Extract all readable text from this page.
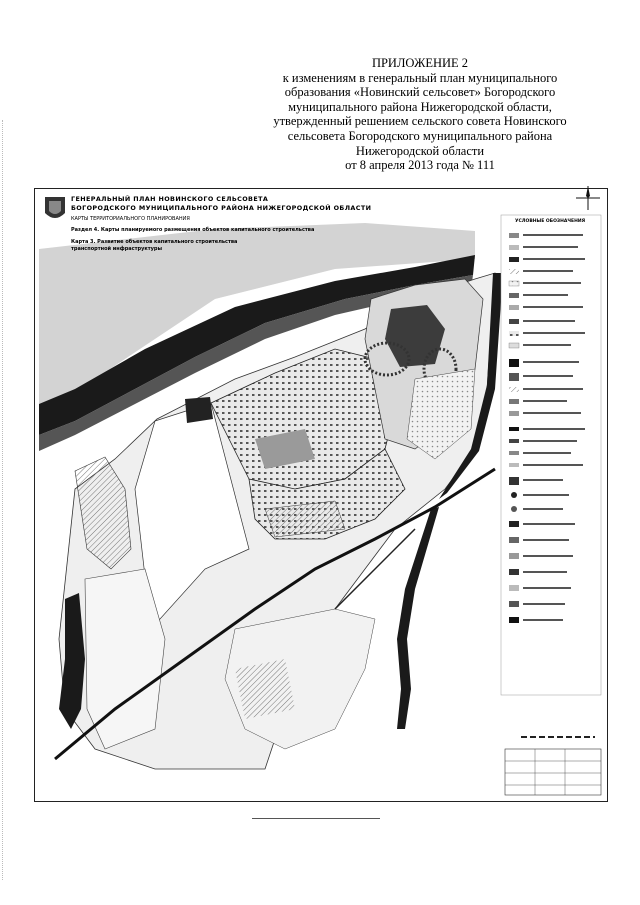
ПРИЛОЖЕНИЕ 2
к изменениям в генеральный план муниципального
образования «Новинский сельсовет» Богородского
муниципального района Нижегородской области,
утвержденный решением сельского совета Новинского
сельсовета Богородского муниципального района
Нижегородской области
от 8 апреля 2013 года № 111
ГЕНЕРАЛЬНЫЙ ПЛАН НОВИНСКОГО СЕЛЬСОВЕТА
БОГОРОДСКОГО МУНИЦИПАЛЬНОГО РАЙОНА НИЖЕГОРОДСКОЙ ОБЛАСТИ
КАРТЫ ТЕРРИТОРИАЛЬНОГО ПЛАНИРОВАНИЯ
Раздел 4. Карты планируемого размещения объектов капитального строительства
Карта 3. Развитие объектов капитального строительства
транспортной инфраструктуры
УСЛОВНЫЕ ОБОЗНАЧЕНИЯ
